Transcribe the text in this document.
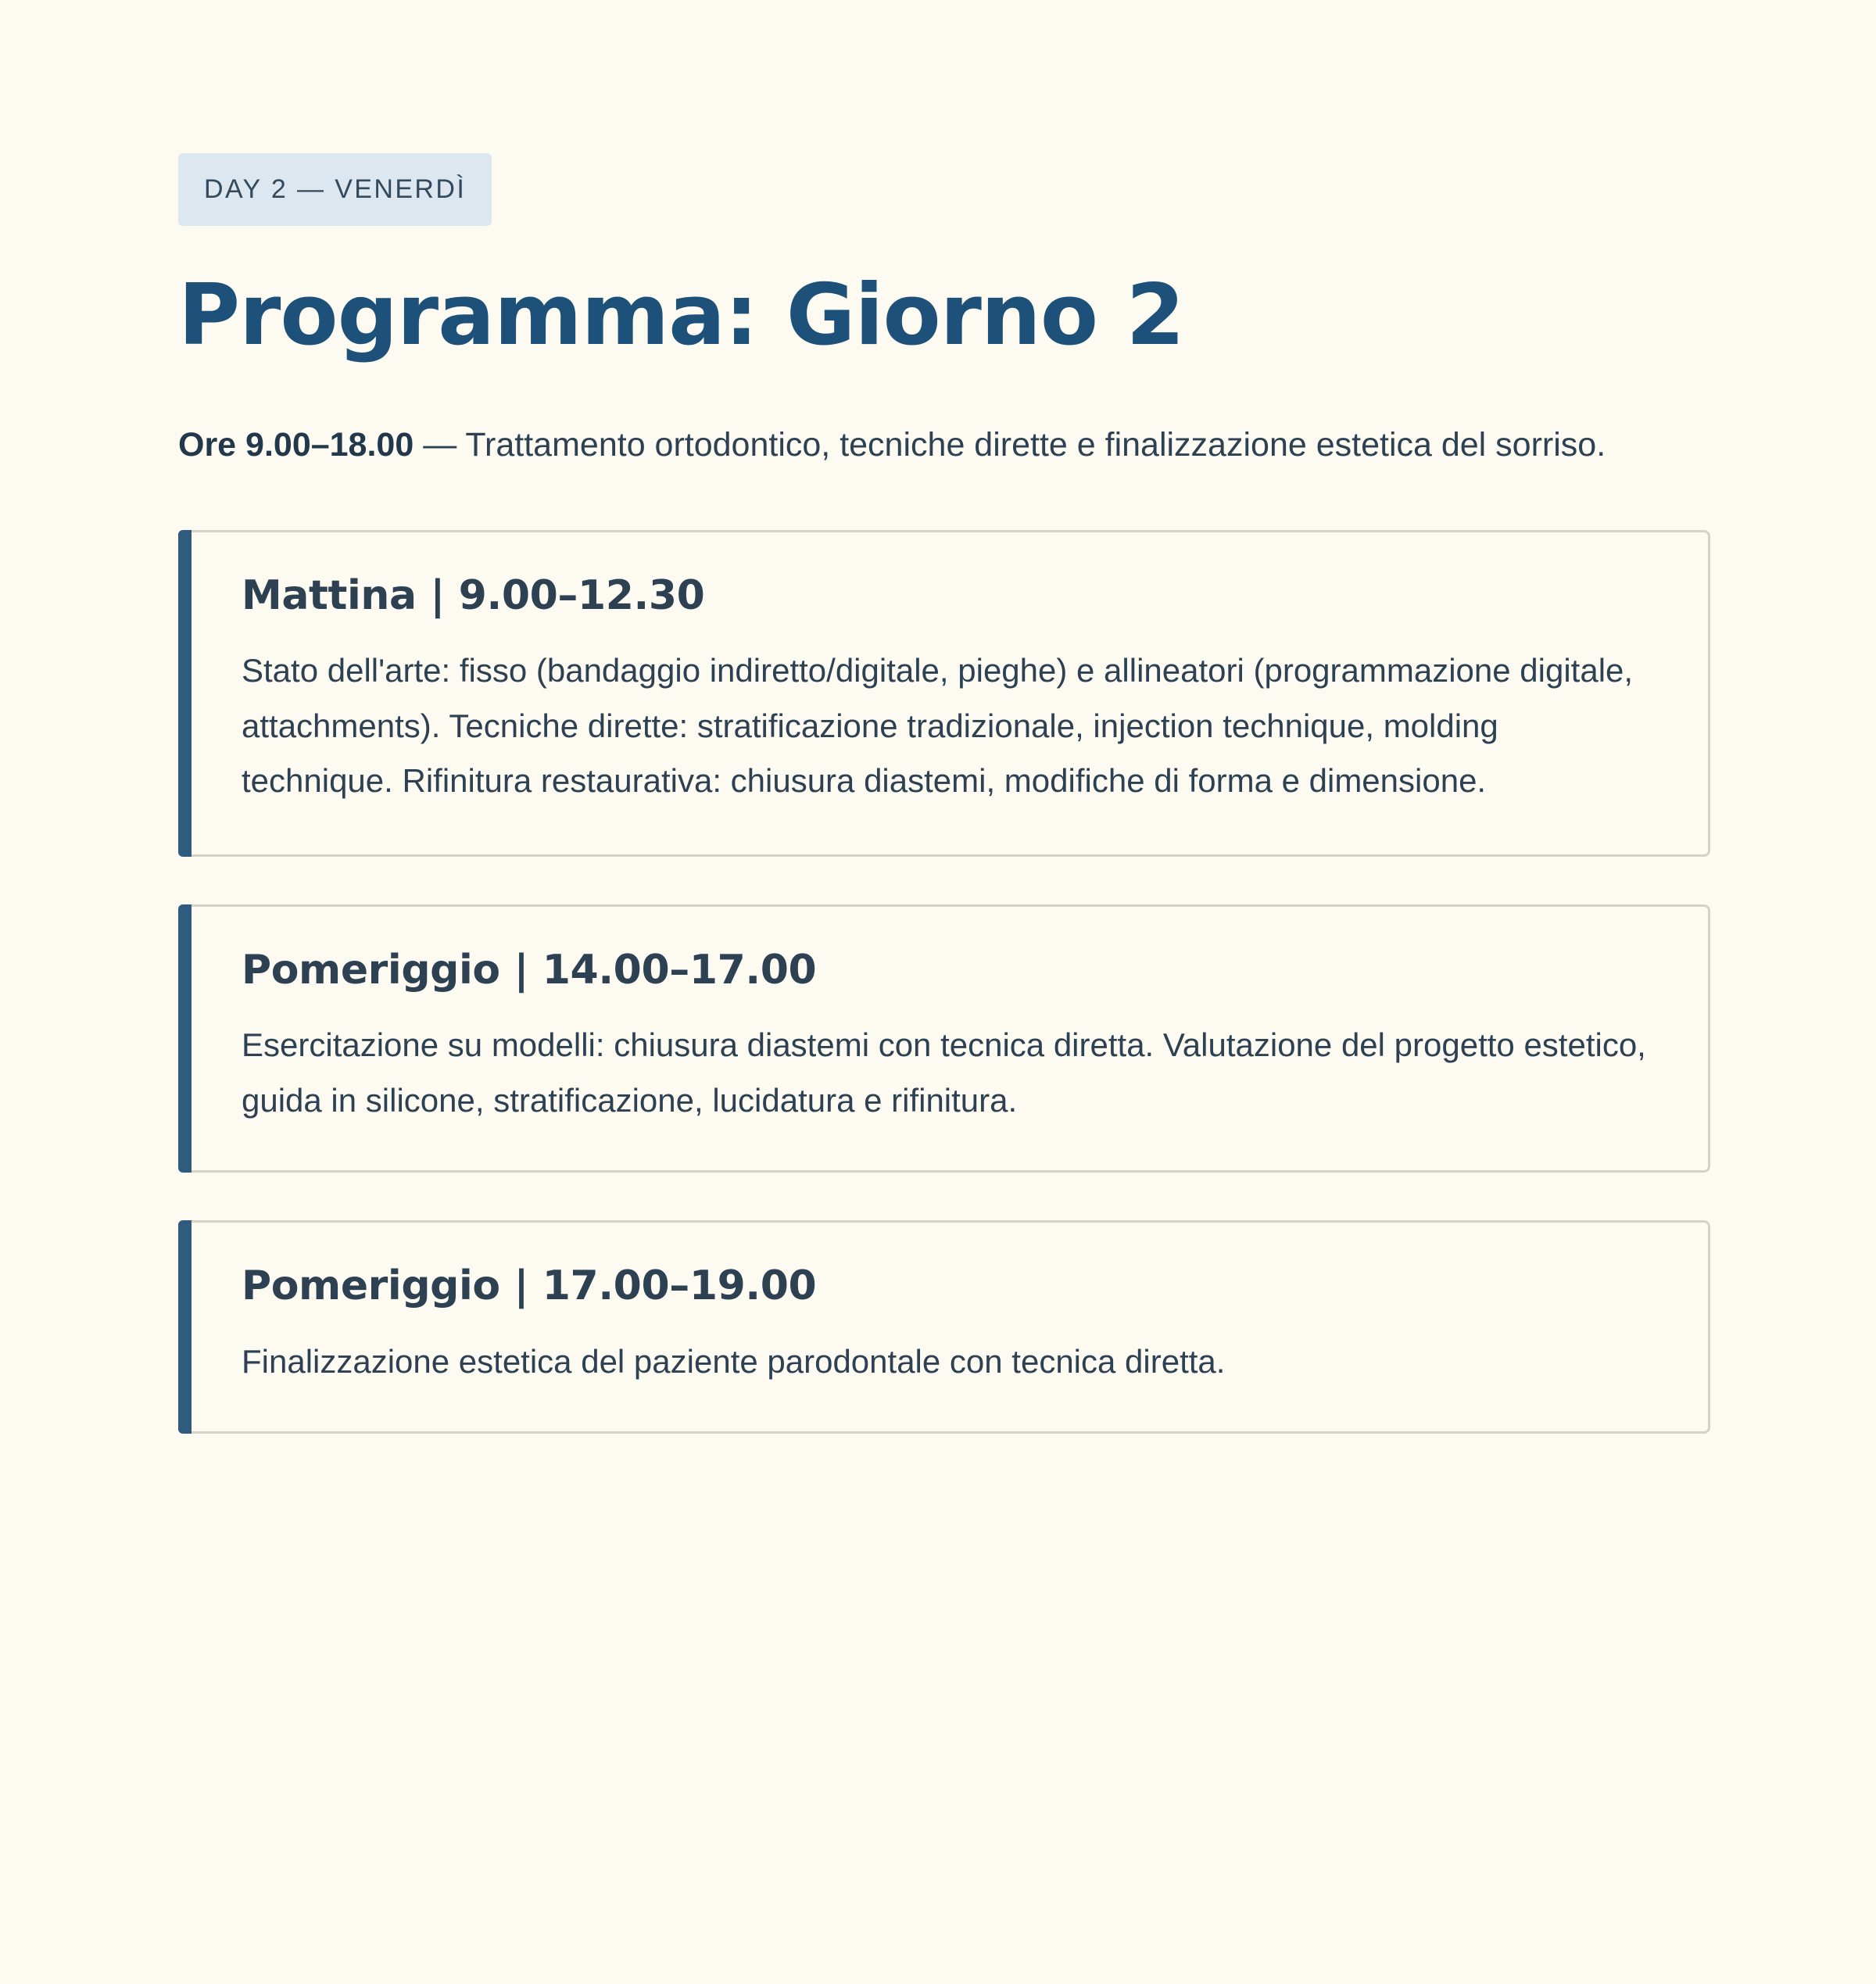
DAY 2 — VENERDÌ
Programma: Giorno 2

Ore 9.00–18.00 — Trattamento ortodontico, tecniche dirette e finalizzazione estetica del sorriso.

Mattina | 9.00–12.30

Stato dell'arte: fisso (bandaggio indiretto/digitale, pieghe) e allineatori (programmazione digitale, attachments). Tecniche dirette: stratificazione tradizionale, injection technique, molding technique. Rifinitura restaurativa: chiusura diastemi, modifiche di forma e dimensione.

Pomeriggio | 14.00–17.00

Esercitazione su modelli: chiusura diastemi con tecnica diretta. Valutazione del progetto estetico, guida in silicone, stratificazione, lucidatura e rifinitura.

Pomeriggio | 17.00–19.00

Finalizzazione estetica del paziente parodontale con tecnica diretta.
